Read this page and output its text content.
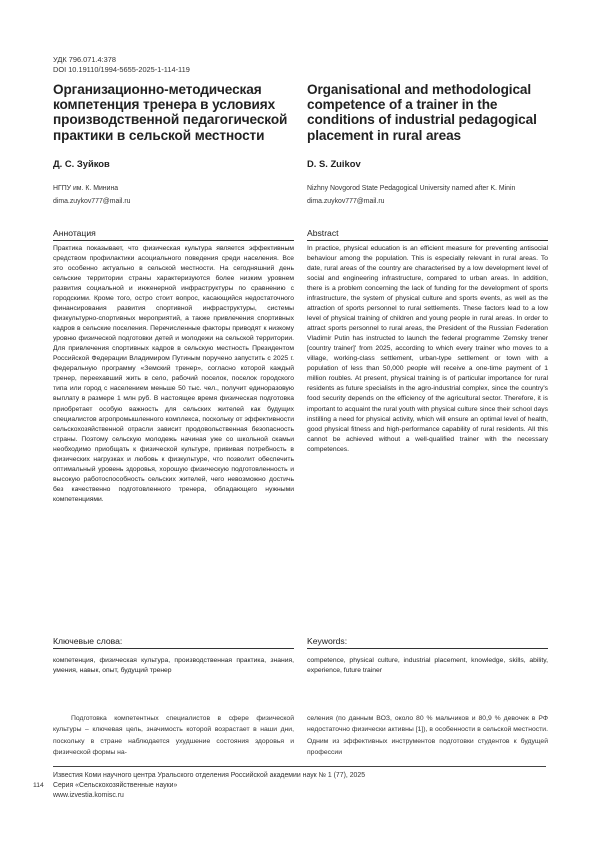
УДК 796.071.4:378
DOI 10.19110/1994-5655-2025-1-114-119
Организационно-методическая компетенция тренера в условиях производственной педагогической практики в сельской местности
Organisational and methodological competence of a trainer in the conditions of industrial pedagogical placement in rural areas
Д. С. Зуйков	D. S. Zuikov
НГПУ им. К. Минина
dima.zuykov777@mail.ru
Nizhny Novgorod State Pedagogical University named after K. Minin
dima.zuykov777@mail.ru
Аннотация	Abstract

Практика показывает, что физическая культура является эффективным средством профилактики асоциального поведения среди населения. Все это особенно актуально в сельской местности. На сегодняшний день сельские территории страны характеризуются более низким уровнем развития социальной и инженерной инфраструктуры по сравнению с городскими. Кроме того, остро стоит вопрос, касающийся недостаточного финансирования развития спортивной инфраструктуры, системы физкультурно-спортивных мероприятий, а также привлечения спортивных кадров в сельские поселения. Перечисленные факторы приводят к низкому уровню физической подготовки детей и молодежи на сельской территории. Для привлечения спортивных кадров в сельскую местность Президентом Российской Федерации Владимиром Путиным поручено запустить с 2025 г. федеральную программу «Земский тренер», согласно которой каждый тренер, переехавший жить в село, рабочий поселок, поселок городского типа или город с населением меньше 50 тыс. чел., получит единоразовую выплату в размере 1 млн руб. В настоящее время физическая подготовка приобретает особую важность для сельских жителей как будущих специалистов агропромышленного комплекса, поскольку от эффективности сельскохозяйственной отрасли зависит продовольственная безопасность страны. Поэтому сельскую молодежь начиная уже со школьной скамьи необходимо приобщать к физической культуре, прививая потребность в физических нагрузках и любовь к физкультуре, что позволит обеспечить оптимальный уровень здоровья, хорошую физическую подготовленность и высокую работоспособность сельских жителей, чего невозможно достичь без качественно подготовленного тренера, обладающего нужными компетенциями.

In practice, physical education is an efficient measure for preventing antisocial behaviour among the population. This is especially relevant in rural areas. To date, rural areas of the country are characterised by a low development level of social and engineering infrastructure, compared to urban areas. In addition, there is a problem concerning the lack of funding for the development of sports infrastructure, the system of physical culture and sports events, as well as the attraction of sports personnel to rural settlements. These factors lead to a low level of physical training of children and young people in rural areas. In order to attract sports personnel to rural areas, the President of the Russian Federation Vladimir Putin has instructed to launch the federal programme 'Zemsky trener [country trainer]' from 2025, according to which every trainer who moves to a village, working-class settlement, urban-type settlement or town with a population of less than 50,000 people will receive a one-time payment of 1 million roubles. At present, physical training is of particular importance for rural residents as future specialists in the agro-industrial complex, since the country's food security depends on the efficiency of the agricultural sector. Therefore, it is important to acquaint the rural youth with physical culture since their school days instilling a need for physical activity, which will ensure an optimal level of health, good physical fitness and high-performance capability of rural residents. All this cannot be achieved without a well-qualified trainer with the necessary competences.

Ключевые слова:	Keywords:

компетенция, физическая культура, производственная практика, знания, умения, навык, опыт, будущий тренер

competence, physical culture, industrial placement, knowledge, skills, ability, experience, future trainer

Подготовка компетентных специалистов в сфере физической культуры – ключевая цель, значимость которой возрастает в наши дни, поскольку в стране наблюдается ухудшение состояния здоровья и физической формы на-

селения (по данным ВОЗ, около 80 % мальчиков и 80,9 % девочек в РФ недостаточно физически активны [1]), в особенности в сельской местности. Одним из эффективных инструментов подготовки студентов к будущей профессии

114
Известия Коми научного центра Уральского отделения Российской академии наук № 1 (77), 2025
Серия «Сельскохозяйственные науки»
www.izvestia.komisc.ru
